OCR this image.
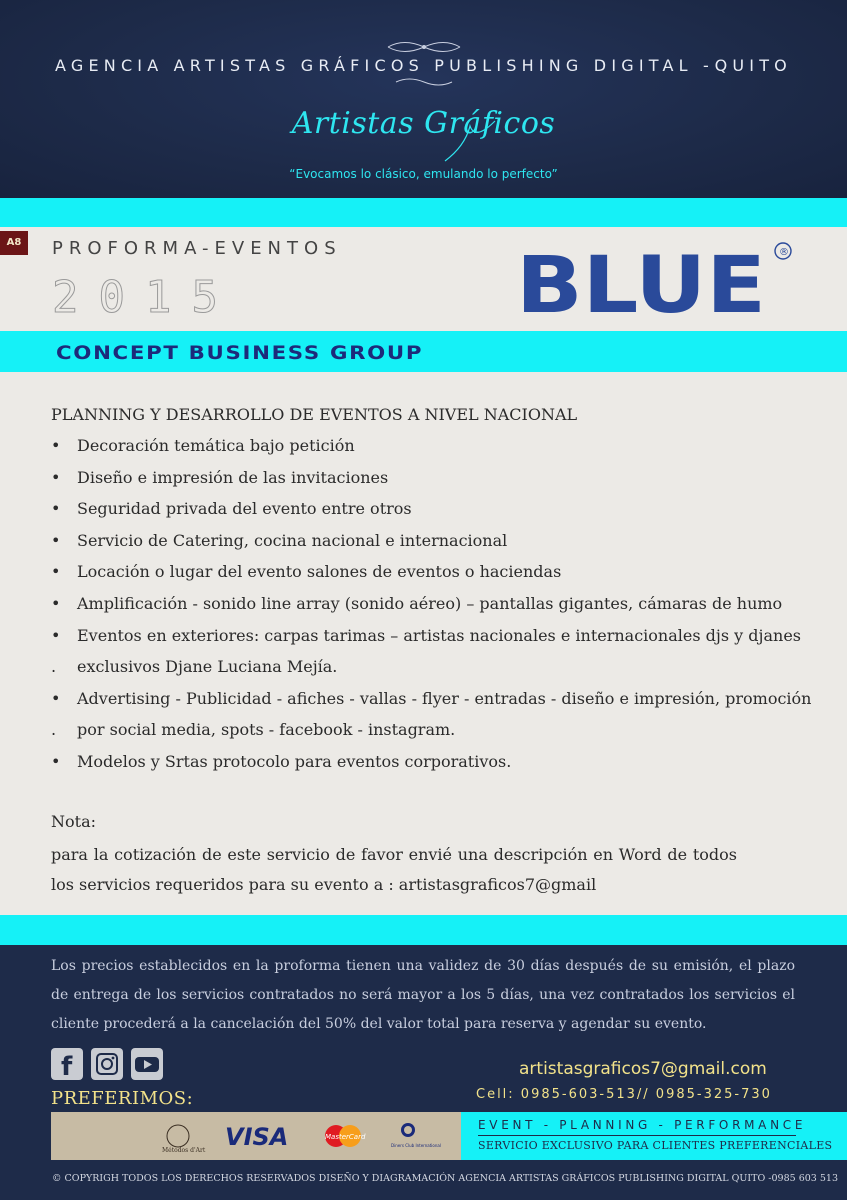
AGENCIA ARTISTAS GRÁFICOS PUBLISHING DIGITAL -QUITO
Artistas Gráficos
“Evocamos lo clásico, emulando lo perfecto”
A8	PROFORMA-EVENTOS
2015	BLUE ®
CONCEPT BUSINESS GROUP
PLANNING Y DESARROLLO DE EVENTOS A NIVEL NACIONAL
• Decoración temática bajo petición
• Diseño e impresión de las invitaciones
• Seguridad privada del evento entre otros
• Servicio de Catering, cocina nacional e internacional
• Locación o lugar del evento salones de eventos o haciendas
• Amplificación - sonido line array (sonido aéreo) – pantallas gigantes, cámaras de humo
• Eventos en exteriores: carpas tarimas – artistas nacionales e internacionales djs y djanes
. exclusivos Djane Luciana Mejía.
• Advertising - Publicidad - afiches - vallas - flyer - entradas - diseño e impresión, promoción
. por social media, spots - facebook - instagram.
• Modelos y Srtas protocolo para eventos corporativos.
Nota:
para la cotización de este servicio de favor envié una descripción en Word de todos los servicios requeridos para su evento a : artistasgraficos7@gmail
Los precios establecidos en la proforma tienen una validez de 30 días después de su emisión, el plazo de entrega de los servicios contratados no será mayor a los 5 días, una vez contratados los servicios el cliente procederá a la cancelación del 50% del valor total para reserva y agendar su evento.
f
PREFERIMOS:
artistasgraficos7@gmail.com
Cell: 0985-603-513// 0985-325-730
Métodos d'Art VISA	MasterCard
Diners Club International
EVENT - PLANNING - PERFORMANCE
SERVICIO EXCLUSIVO PARA CLIENTES PREFERENCIALES
© COPYRIGH TODOS LOS DERECHOS RESERVADOS DISEÑO Y DIAGRAMACIÓN AGENCIA ARTISTAS GRÁFICOS PUBLISHING DIGITAL QUITO -0985 603 513
